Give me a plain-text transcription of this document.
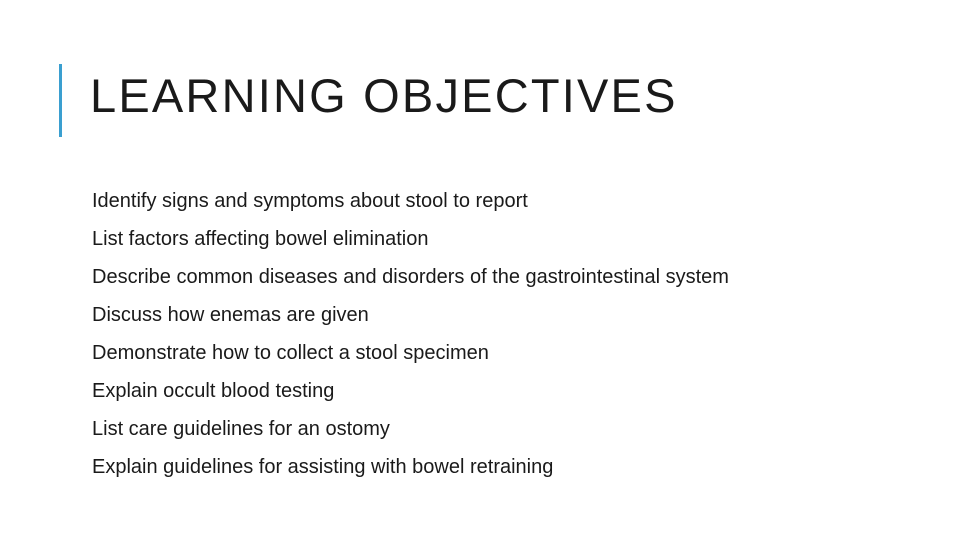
LEARNING OBJECTIVES
Identify signs and symptoms about stool to report
List factors affecting bowel elimination
Describe common diseases and disorders of the gastrointestinal system
Discuss how enemas are given
Demonstrate how to collect a stool specimen
Explain occult blood testing
List care guidelines for an ostomy
Explain guidelines for assisting with bowel retraining
